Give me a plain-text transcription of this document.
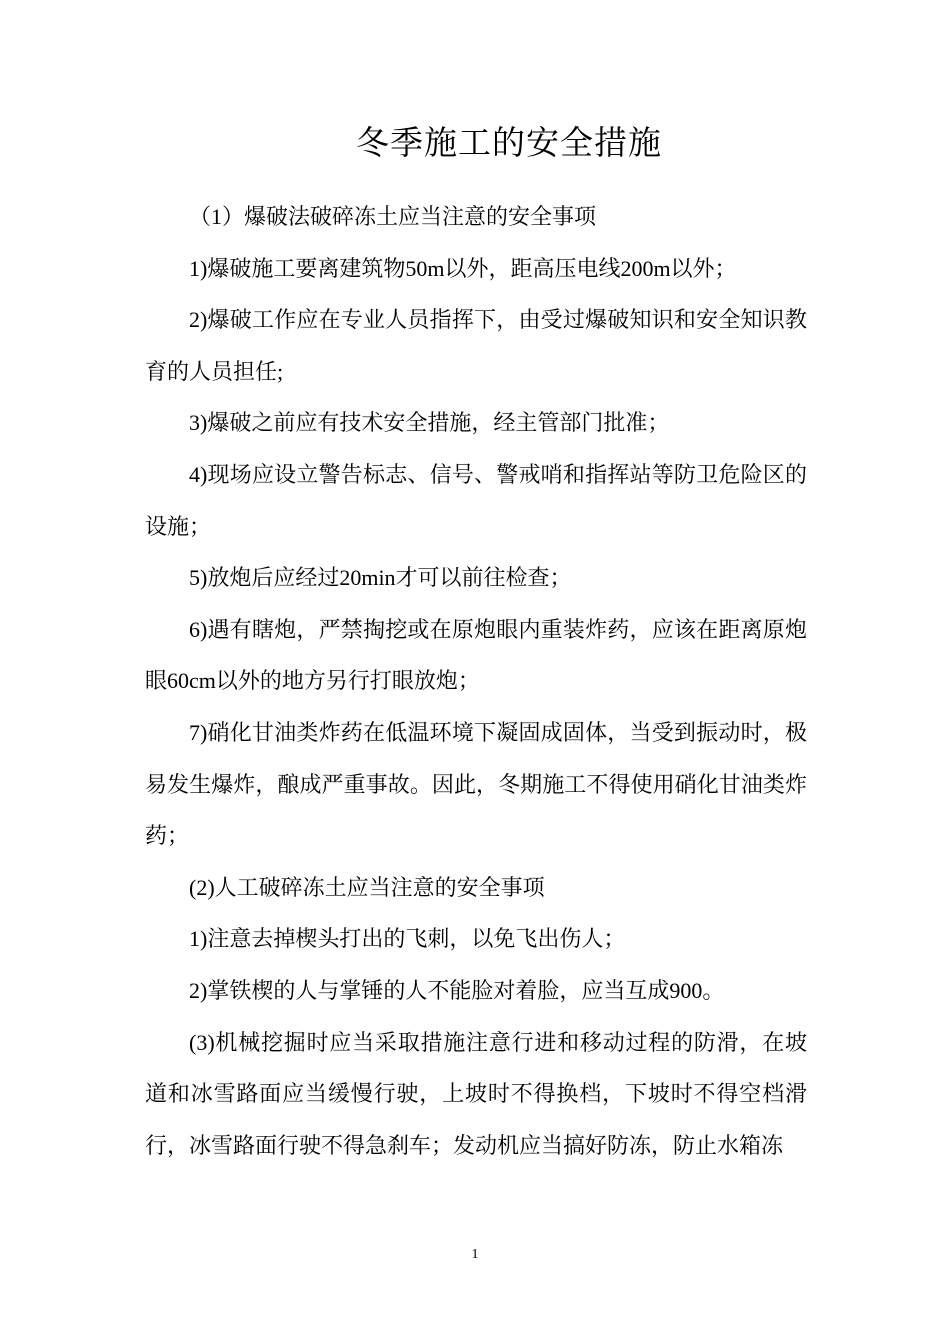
冬季施工的安全措施

（1）爆破法破碎冻土应当注意的安全事项

1)爆破施工要离建筑物50m以外，距高压电线200m以外；

2)爆破工作应在专业人员指挥下，由受过爆破知识和安全知识教育的人员担任;

3)爆破之前应有技术安全措施，经主管部门批准；

4)现场应设立警告标志、信号、警戒哨和指挥站等防卫危险区的设施；

5)放炮后应经过20min才可以前往检查；

6)遇有瞎炮，严禁掏挖或在原炮眼内重装炸药，应该在距离原炮眼60cm以外的地方另行打眼放炮；

7)硝化甘油类炸药在低温环境下凝固成固体，当受到振动时，极易发生爆炸，酿成严重事故。因此，冬期施工不得使用硝化甘油类炸药；

(2)人工破碎冻土应当注意的安全事项

1)注意去掉楔头打出的飞刺，以免飞出伤人；

2)掌铁楔的人与掌锤的人不能脸对着脸，应当互成900。

(3)机械挖掘时应当采取措施注意行进和移动过程的防滑，在坡道和冰雪路面应当缓慢行驶，上坡时不得换档，下坡时不得空档滑行，冰雪路面行驶不得急刹车；发动机应当搞好防冻，防止水箱冻

1
